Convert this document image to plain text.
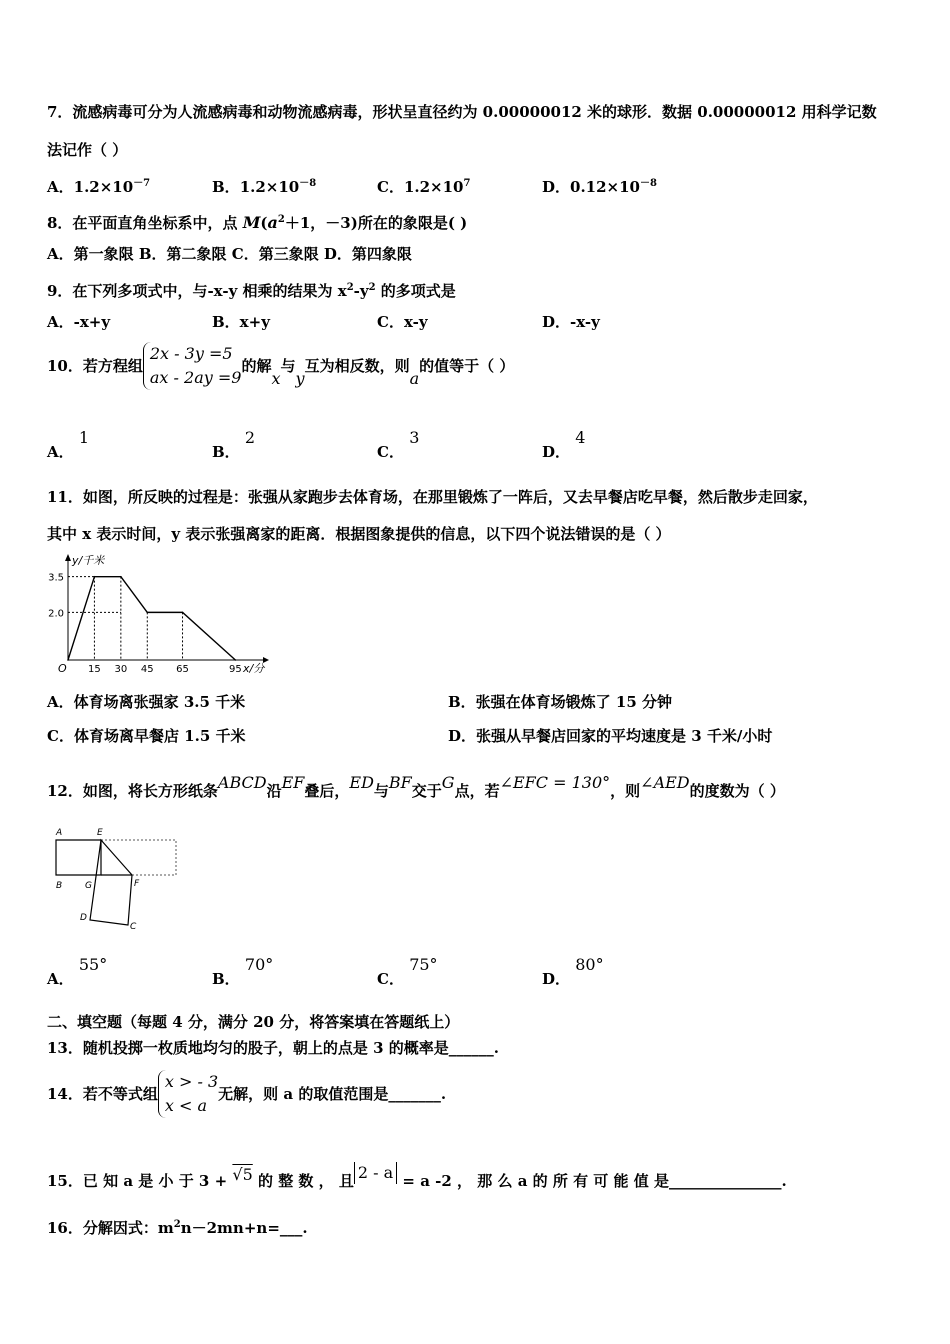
7．流感病毒可分为人流感病毒和动物流感病毒，形状呈直径约为 0.00000012 米的球形．数据 0.00000012 用科学记数
法记作（ ）
A．$1.2\times 10^{-7}$	B．$1.2\times 10^{-8}$	C．$1.2\times 10^7$	D．$0.12\times 10^{-8}$
8．在平面直角坐标系中，点 $M(a^2+1$，－3)所在的象限是( )
A．第一象限 B．第二象限 C．第三象限 D．第四象限
9．在下列多项式中，与-x-y 相乘的结果为 $x^2-y^2$ 的多项式是
A．-x+y	B．x+y	C．x-y	D．-x-y
10．若方程组2x - 3y =5
ax - 2ay =9的解x与y互为相反数，则a的值等于（ ）
A． 1
B． 2
C． 3
D． 4
11．如图，所反映的过程是：张强从家跑步去体育场，在那里锻炼了一阵后，又去早餐店吃早餐，然后散步走回家，
其中 x 表示时间，y 表示张强离家的距离．根据图象提供的信息，以下四个说法错误的是（ ）
3.5
2.0
15 30 45 65	95
O
y/千米
x/分
A．体育场离张强家 3.5 千米	B．张强在体育场锻炼了 15 分钟
C．体育场离早餐店 1.5 千米	D．张强从早餐店回家的平均速度是 3 千米/小时
12．如图，将长方形纸条ABCD沿EF叠后，ED与BF交于G点，若∠EFC = 130°，则∠AED的度数为（ ）
A	E
B	G	F
D
C
A． 55°
B． 70°
C． 75°
D． 80°
二、填空题（每题 4 分，满分 20 分，将答案填在答题纸上）
13．随机投掷一枚质地均匀的股子，朝上的点是 3 的概率是______.
14．若不等式组x > - 3
x < a无解，则 a 的取值范围是_______.
15．已 知 a 是 小 于 3 + √5 的 整 数 ， 且 2 - a = a -2 ， 那 么 a 的 所 有 可 能 值 是_______________.
16．分解因式：$m^2n-2mn+n=\_\_\_$.
